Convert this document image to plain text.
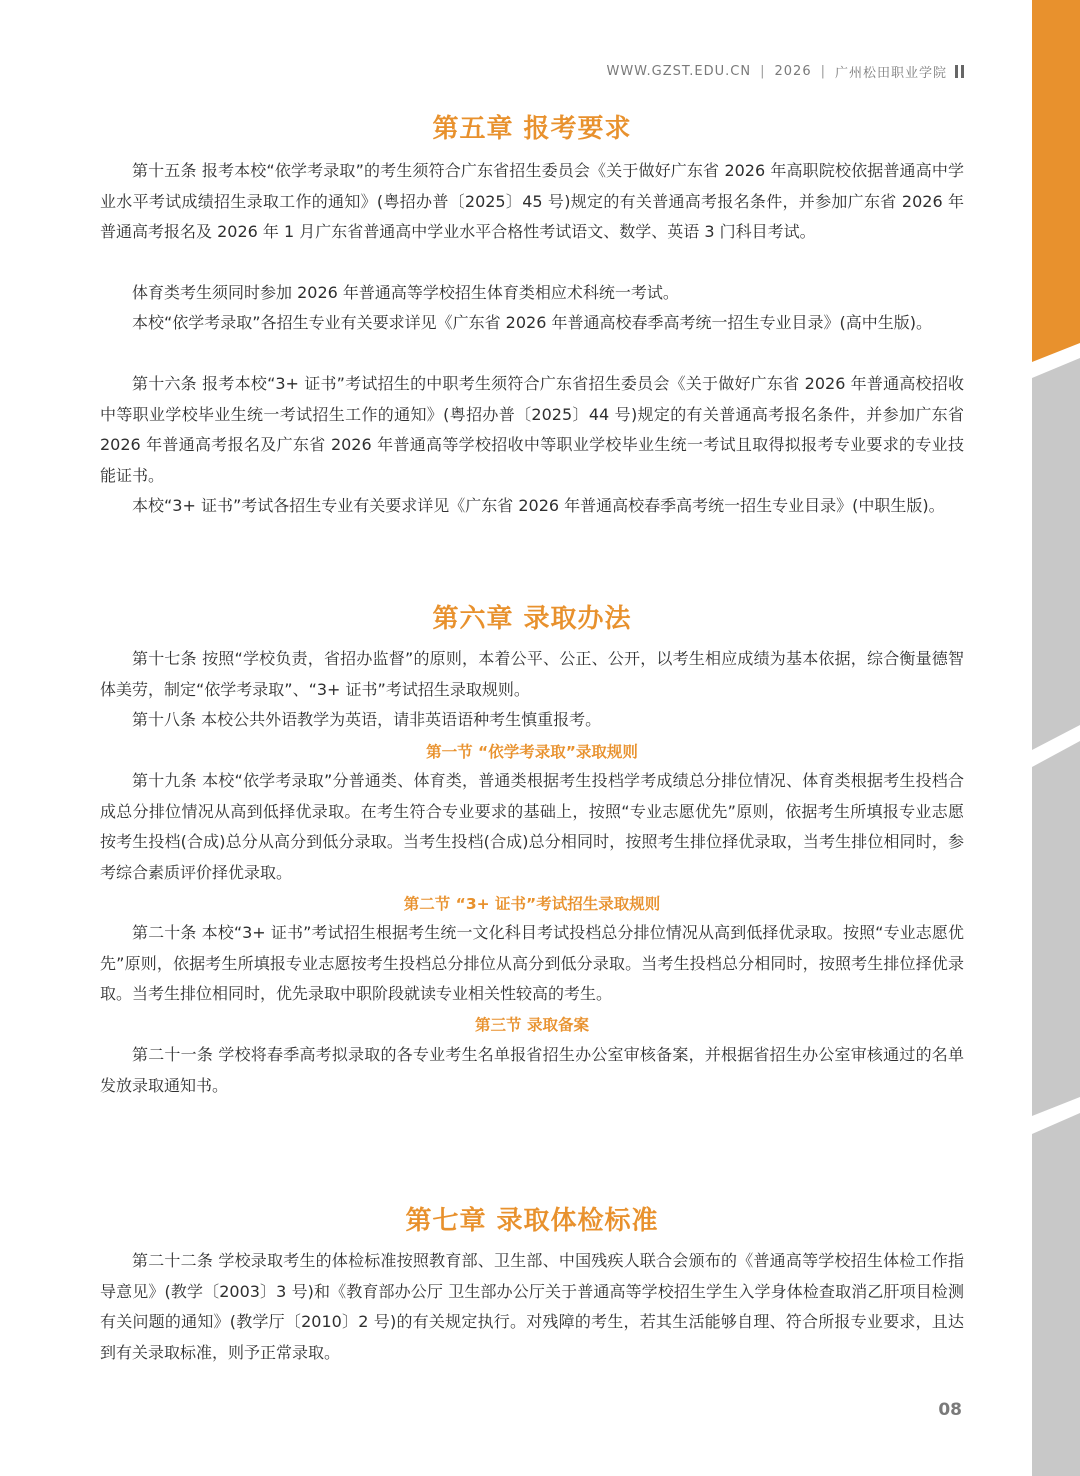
WWW.GZST.EDU.CN | 2026 | 广州松田职业学院
第五章 报考要求

第十五条 报考本校“依学考录取”的考生须符合广东省招生委员会《关于做好广东省 2026 年高职院校依据普通高中学业水平考试成绩招生录取工作的通知》(粤招办普〔2025〕45 号)规定的有关普通高考报名条件，并参加广东省 2026 年普通高考报名及 2026 年 1 月广东省普通高中学业水平合格性考试语文、数学、英语 3 门科目考试。

体育类考生须同时参加 2026 年普通高等学校招生体育类相应术科统一考试。

本校“依学考录取”各招生专业有关要求详见《广东省 2026 年普通高校春季高考统一招生专业目录》(高中生版)。

第十六条 报考本校“3+ 证书”考试招生的中职考生须符合广东省招生委员会《关于做好广东省 2026 年普通高校招收中等职业学校毕业生统一考试招生工作的通知》(粤招办普〔2025〕44 号)规定的有关普通高考报名条件，并参加广东省 2026 年普通高考报名及广东省 2026 年普通高等学校招收中等职业学校毕业生统一考试且取得拟报考专业要求的专业技能证书。

本校“3+ 证书”考试各招生专业有关要求详见《广东省 2026 年普通高校春季高考统一招生专业目录》(中职生版)。

第六章 录取办法

第十七条 按照“学校负责，省招办监督”的原则，本着公平、公正、公开，以考生相应成绩为基本依据，综合衡量德智体美劳，制定“依学考录取”、“3+ 证书”考试招生录取规则。

第十八条 本校公共外语教学为英语，请非英语语种考生慎重报考。

第一节 “依学考录取”录取规则

第十九条 本校“依学考录取”分普通类、体育类，普通类根据考生投档学考成绩总分排位情况、体育类根据考生投档合成总分排位情况从高到低择优录取。在考生符合专业要求的基础上，按照“专业志愿优先”原则，依据考生所填报专业志愿按考生投档(合成)总分从高分到低分录取。当考生投档(合成)总分相同时，按照考生排位择优录取，当考生排位相同时，参考综合素质评价择优录取。

第二节 “3+ 证书”考试招生录取规则

第二十条 本校“3+ 证书”考试招生根据考生统一文化科目考试投档总分排位情况从高到低择优录取。按照“专业志愿优先”原则，依据考生所填报专业志愿按考生投档总分排位从高分到低分录取。当考生投档总分相同时，按照考生排位择优录取。当考生排位相同时，优先录取中职阶段就读专业相关性较高的考生。

第三节 录取备案

第二十一条 学校将春季高考拟录取的各专业考生名单报省招生办公室审核备案，并根据省招生办公室审核通过的名单发放录取通知书。

第七章 录取体检标准

第二十二条 学校录取考生的体检标准按照教育部、卫生部、中国残疾人联合会颁布的《普通高等学校招生体检工作指导意见》(教学〔2003〕3 号)和《教育部办公厅 卫生部办公厅关于普通高等学校招生学生入学身体检查取消乙肝项目检测有关问题的通知》(教学厅〔2010〕2 号)的有关规定执行。对残障的考生，若其生活能够自理、符合所报专业要求，且达到有关录取标准，则予正常录取。

08
